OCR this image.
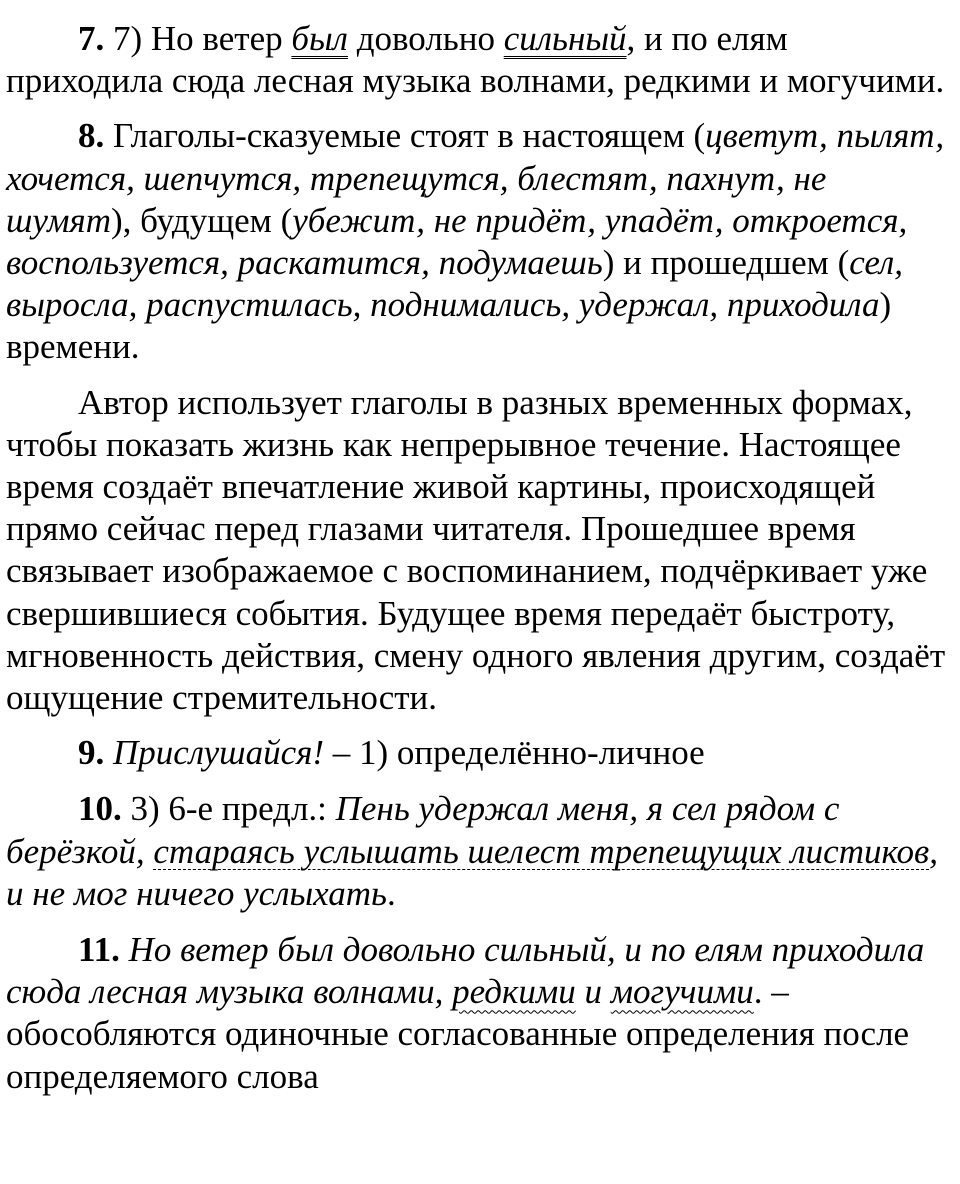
7. 7) Но ветер был довольно сильный, и по елям приходила сюда лесная музыка волнами, редкими и могучими.

8. Глаголы-сказуемые стоят в настоящем (цветут, пылят, хочется, шепчутся, трепещутся, блестят, пахнут, не шумят), будущем (убежит, не придёт, упадёт, откроется, воспользуется, раскатится, подумаешь) и прошедшем (сел, выросла, распустилась, поднимались, удержал, приходила) времени.

Автор использует глаголы в разных временных формах, чтобы показать жизнь как непрерывное течение. Настоящее время создаёт впечатление живой картины, происходящей прямо сейчас перед глазами читателя. Прошедшее время связывает изображаемое с воспоминанием, подчёркивает уже свершившиеся события. Будущее время передаёт быстроту, мгновенность действия, смену одного явления другим, создаёт ощущение стремительности.

9. Прислушайся! – 1) определённо-личное

10. 3) 6-е предл.: Пень удержал меня, я сел рядом с берёзкой, стараясь услышать шелест трепещущих листиков, и не мог ничего услыхать.

11. Но ветер был довольно сильный, и по елям приходила сюда лесная музыка волнами, редкими и могучими. – обособляются одиночные согласованные определения после определяемого слова
